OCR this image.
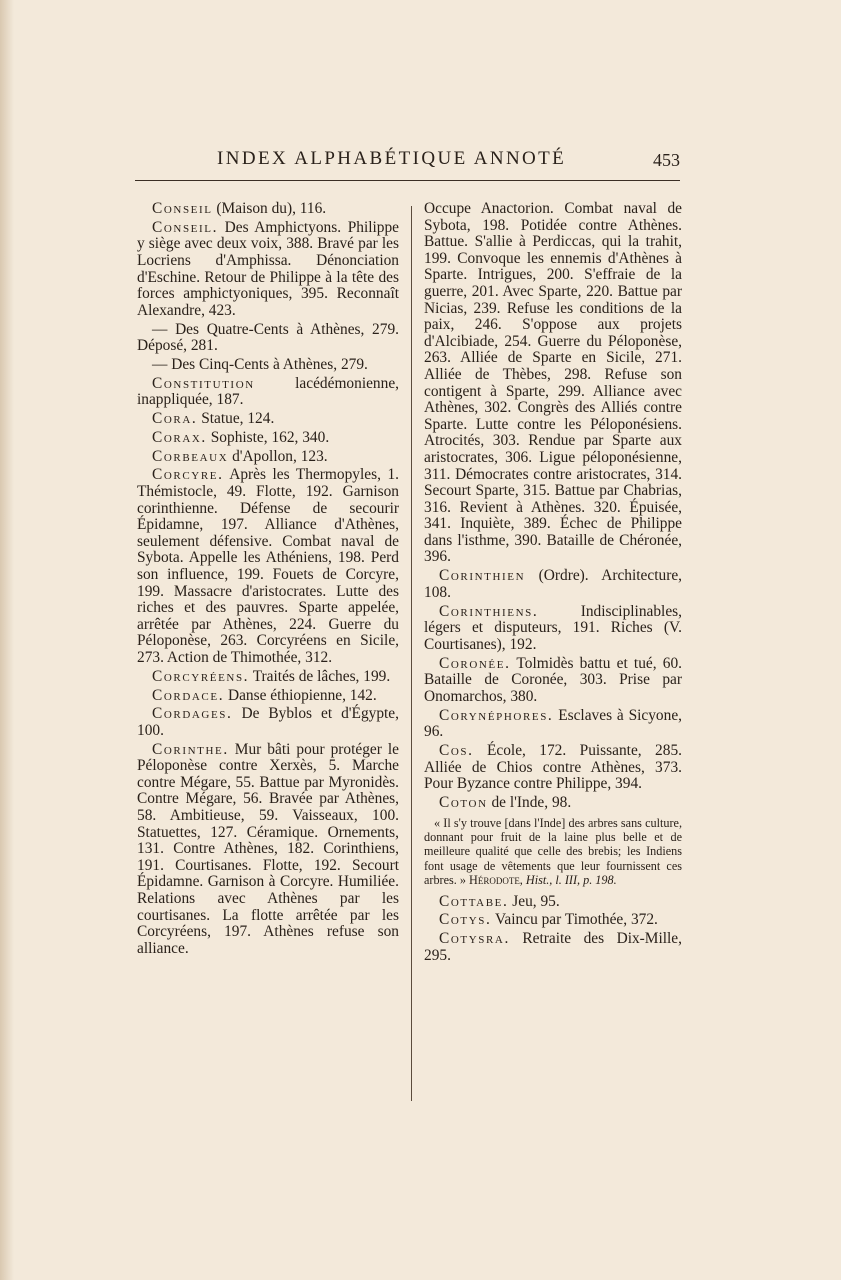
INDEX ALPHABÉTIQUE ANNOTÉ	453

Conseil (Maison du), 116.

Conseil. Des Amphictyons. Philippe y siège avec deux voix, 388. Bravé par les Locriens d'Amphissa. Dénonciation d'Eschine. Retour de Philippe à la tête des forces amphictyoniques, 395. Reconnaît Alexandre, 423.

— Des Quatre-Cents à Athènes, 279. Déposé, 281.

— Des Cinq-Cents à Athènes, 279.

Constitution lacédémonienne, inappliquée, 187.

Cora. Statue, 124.

Corax. Sophiste, 162, 340.

Corbeaux d'Apollon, 123.

Corcyre. Après les Thermopyles, 1. Thémistocle, 49. Flotte, 192. Garnison corinthienne. Défense de secourir Épidamne, 197. Alliance d'Athènes, seulement défensive. Combat naval de Sybota. Appelle les Athéniens, 198. Perd son influence, 199. Fouets de Corcyre, 199. Massacre d'aristocrates. Lutte des riches et des pauvres. Sparte appelée, arrêtée par Athènes, 224. Guerre du Péloponèse, 263. Corcyréens en Sicile, 273. Action de Thimothée, 312.

Corcyréens. Traités de lâches, 199.

Cordace. Danse éthiopienne, 142.

Cordages. De Byblos et d'Égypte, 100.

Corinthe. Mur bâti pour protéger le Péloponèse contre Xerxès, 5. Marche contre Mégare, 55. Battue par Myronidès. Contre Mégare, 56. Bravée par Athènes, 58. Ambitieuse, 59. Vaisseaux, 100. Statuettes, 127. Céramique. Ornements, 131. Contre Athènes, 182. Corinthiens, 191. Courtisanes. Flotte, 192. Secourt Épidamne. Garnison à Corcyre. Humiliée. Relations avec Athènes par les courtisanes. La flotte arrêtée par les Corcyréens, 197. Athènes refuse son alliance.

Occupe Anactorion. Combat naval de Sybota, 198. Potidée contre Athènes. Battue. S'allie à Perdiccas, qui la trahit, 199. Convoque les ennemis d'Athènes à Sparte. Intrigues, 200. S'effraie de la guerre, 201. Avec Sparte, 220. Battue par Nicias, 239. Refuse les conditions de la paix, 246. S'oppose aux projets d'Alcibiade, 254. Guerre du Péloponèse, 263. Alliée de Sparte en Sicile, 271. Alliée de Thèbes, 298. Refuse son contigent à Sparte, 299. Alliance avec Athènes, 302. Congrès des Alliés contre Sparte. Lutte contre les Péloponésiens. Atrocités, 303. Rendue par Sparte aux aristocrates, 306. Ligue péloponésienne, 311. Démocrates contre aristocrates, 314. Secourt Sparte, 315. Battue par Chabrias, 316. Revient à Athènes. 320. Épuisée, 341. Inquiète, 389. Échec de Philippe dans l'isthme, 390. Bataille de Chéronée, 396.

Corinthien (Ordre). Architecture, 108.

Corinthiens. Indisciplinables, légers et disputeurs, 191. Riches (V. Courtisanes), 192.

Coronée. Tolmidès battu et tué, 60. Bataille de Coronée, 303. Prise par Onomarchos, 380.

Corynéphores. Esclaves à Sicyone, 96.

Cos. École, 172. Puissante, 285. Alliée de Chios contre Athènes, 373. Pour Byzance contre Philippe, 394.

Coton de l'Inde, 98.

« Il s'y trouve [dans l'Inde] des arbres sans culture, donnant pour fruit de la laine plus belle et de meilleure qualité que celle des brebis; les Indiens font usage de vêtements que leur fournissent ces arbres. » Hérodote, Hist., l. III, p. 198.

Cottabe. Jeu, 95.

Cotys. Vaincu par Timothée, 372.

Cotysra. Retraite des Dix-Mille, 295.
